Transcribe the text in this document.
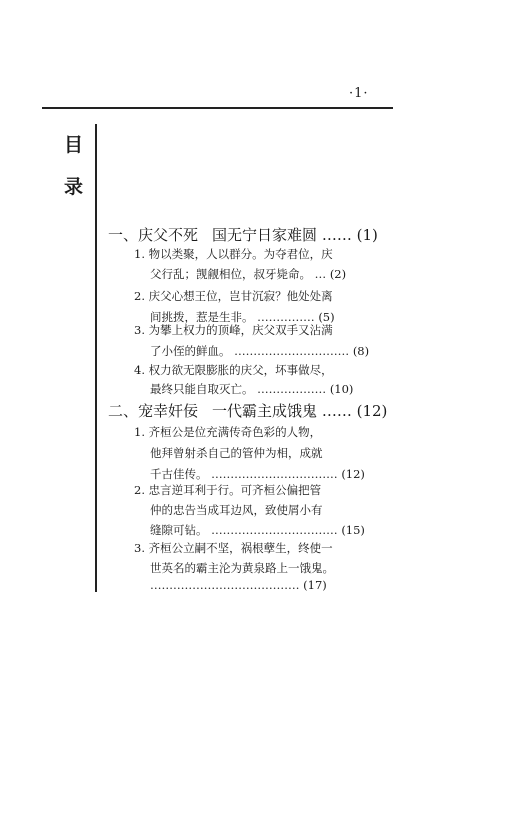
·1·
目
录
一、庆父不死 国无宁日家难圆 …… (1)
1. 物以类聚，人以群分。为夺君位，庆
父行乱；觊觎相位，叔牙毙命。 … (2)
2. 庆父心想王位，岂甘沉寂？他处处离
间挑拨，惹是生非。 …………… (5)
3. 为攀上权力的顶峰，庆父双手又沾满
了小侄的鲜血。 ………………………… (8)
4. 权力欲无限膨胀的庆父，坏事做尽，
最终只能自取灭亡。 ……………… (10)
二、宠幸奸佞 一代霸主成饿鬼 …… (12)
1. 齐桓公是位充满传奇色彩的人物，
他拜曾射杀自己的管仲为相，成就
千古佳传。 …………………………… (12)
2. 忠言逆耳利于行。可齐桓公偏把管
仲的忠告当成耳边风，致使屑小有
缝隙可钻。 …………………………… (15)
3. 齐桓公立嗣不坚，祸根孽生，终使一
世英名的霸主沦为黄泉路上一饿鬼。
………………………………… (17)
